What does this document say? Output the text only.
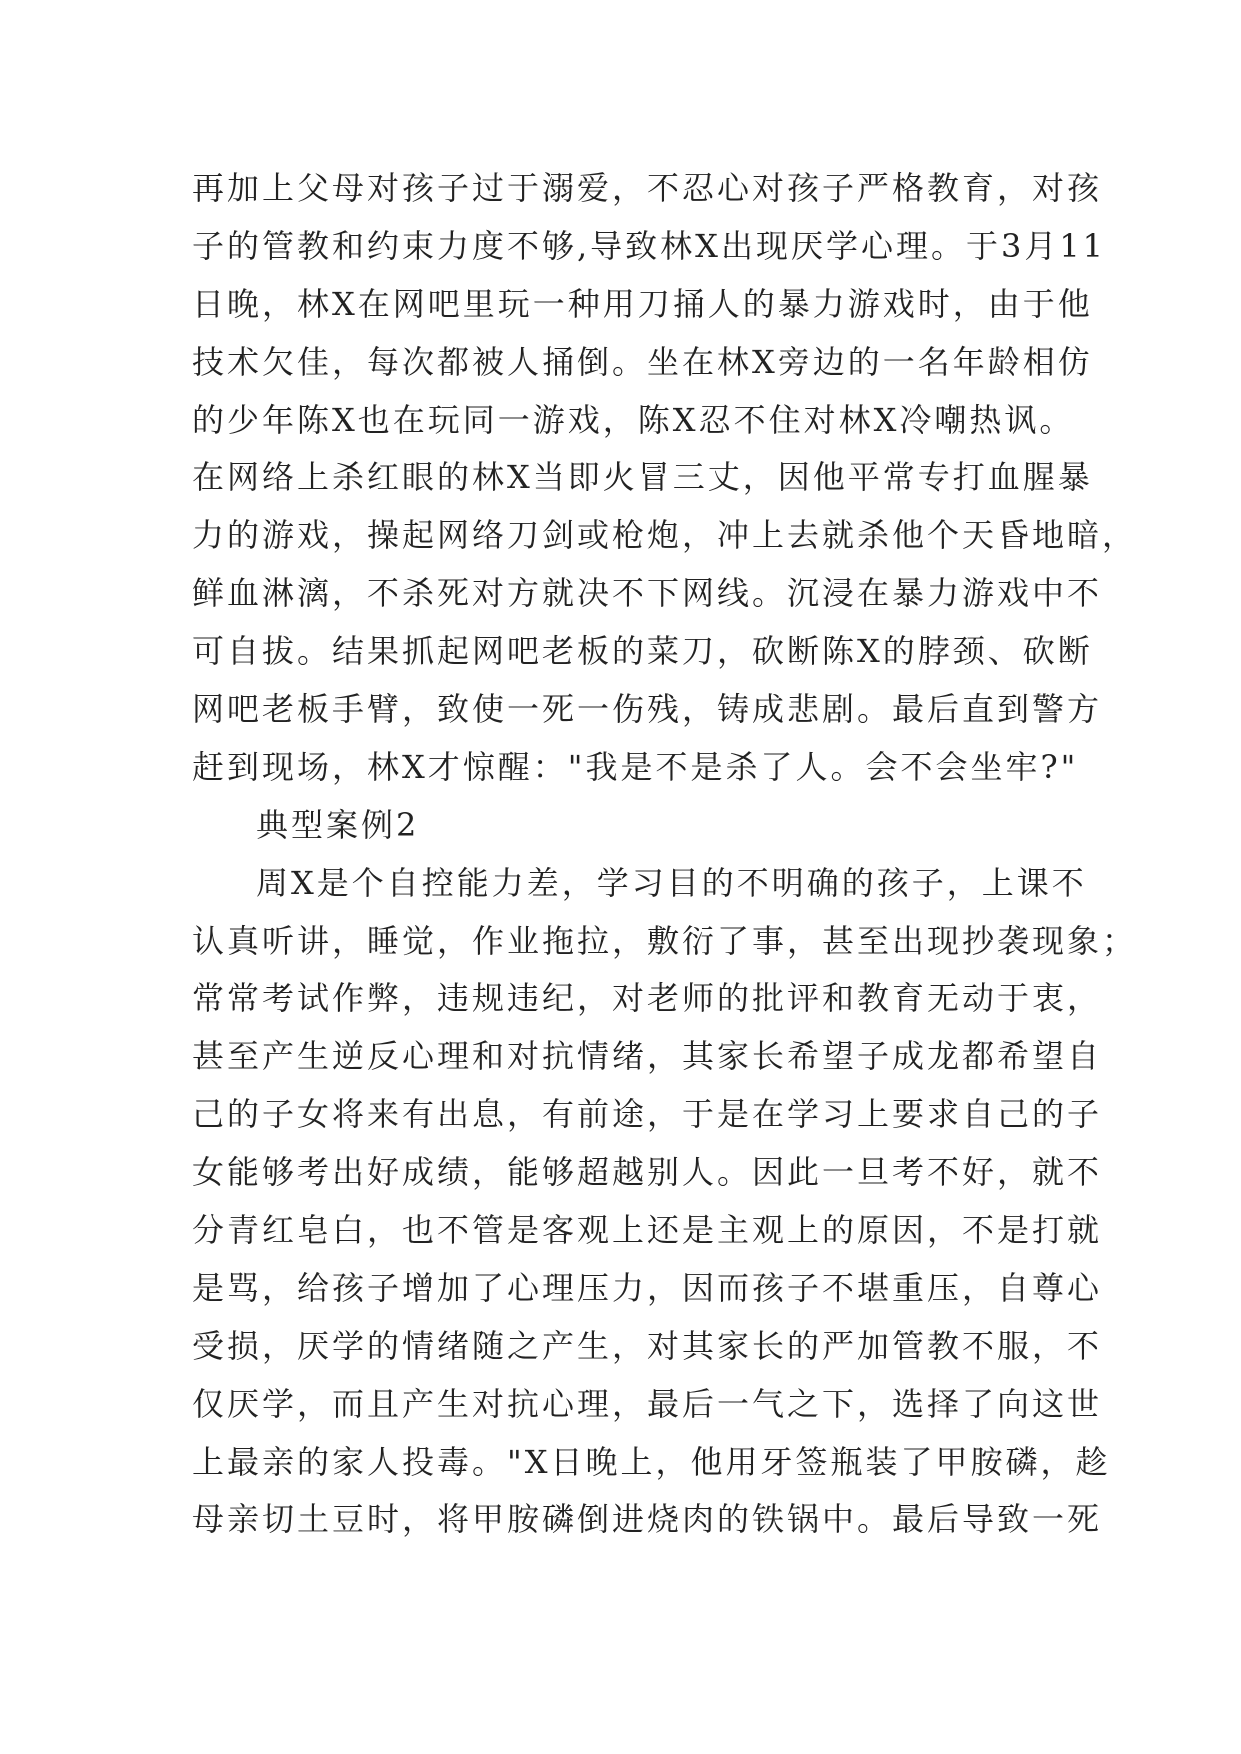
再加上父母对孩子过于溺爱，不忍心对孩子严格教育，对孩
子的管教和约束力度不够,导致林X出现厌学心理。于3月11
日晚，林X在网吧里玩一种用刀捅人的暴力游戏时，由于他
技术欠佳，每次都被人捅倒。坐在林X旁边的一名年龄相仿
的少年陈X也在玩同一游戏，陈X忍不住对林X冷嘲热讽。
在网络上杀红眼的林X当即火冒三丈，因他平常专打血腥暴
力的游戏，操起网络刀剑或枪炮，冲上去就杀他个天昏地暗，
鲜血淋漓，不杀死对方就决不下网线。沉浸在暴力游戏中不
可自拔。结果抓起网吧老板的菜刀，砍断陈X的脖颈、砍断
网吧老板手臂，致使一死一伤残，铸成悲剧。最后直到警方
赶到现场，林X才惊醒："我是不是杀了人。会不会坐牢?"
典型案例2
周X是个自控能力差，学习目的不明确的孩子，上课不
认真听讲，睡觉，作业拖拉，敷衍了事，甚至出现抄袭现象；
常常考试作弊，违规违纪，对老师的批评和教育无动于衷，
甚至产生逆反心理和对抗情绪，其家长希望子成龙都希望自
己的子女将来有出息，有前途，于是在学习上要求自己的子
女能够考出好成绩，能够超越别人。因此一旦考不好，就不
分青红皂白，也不管是客观上还是主观上的原因，不是打就
是骂，给孩子增加了心理压力，因而孩子不堪重压，自尊心
受损，厌学的情绪随之产生，对其家长的严加管教不服，不
仅厌学，而且产生对抗心理，最后一气之下，选择了向这世
上最亲的家人投毒。"X日晚上，他用牙签瓶装了甲胺磷，趁
母亲切土豆时，将甲胺磷倒进烧肉的铁锅中。最后导致一死
